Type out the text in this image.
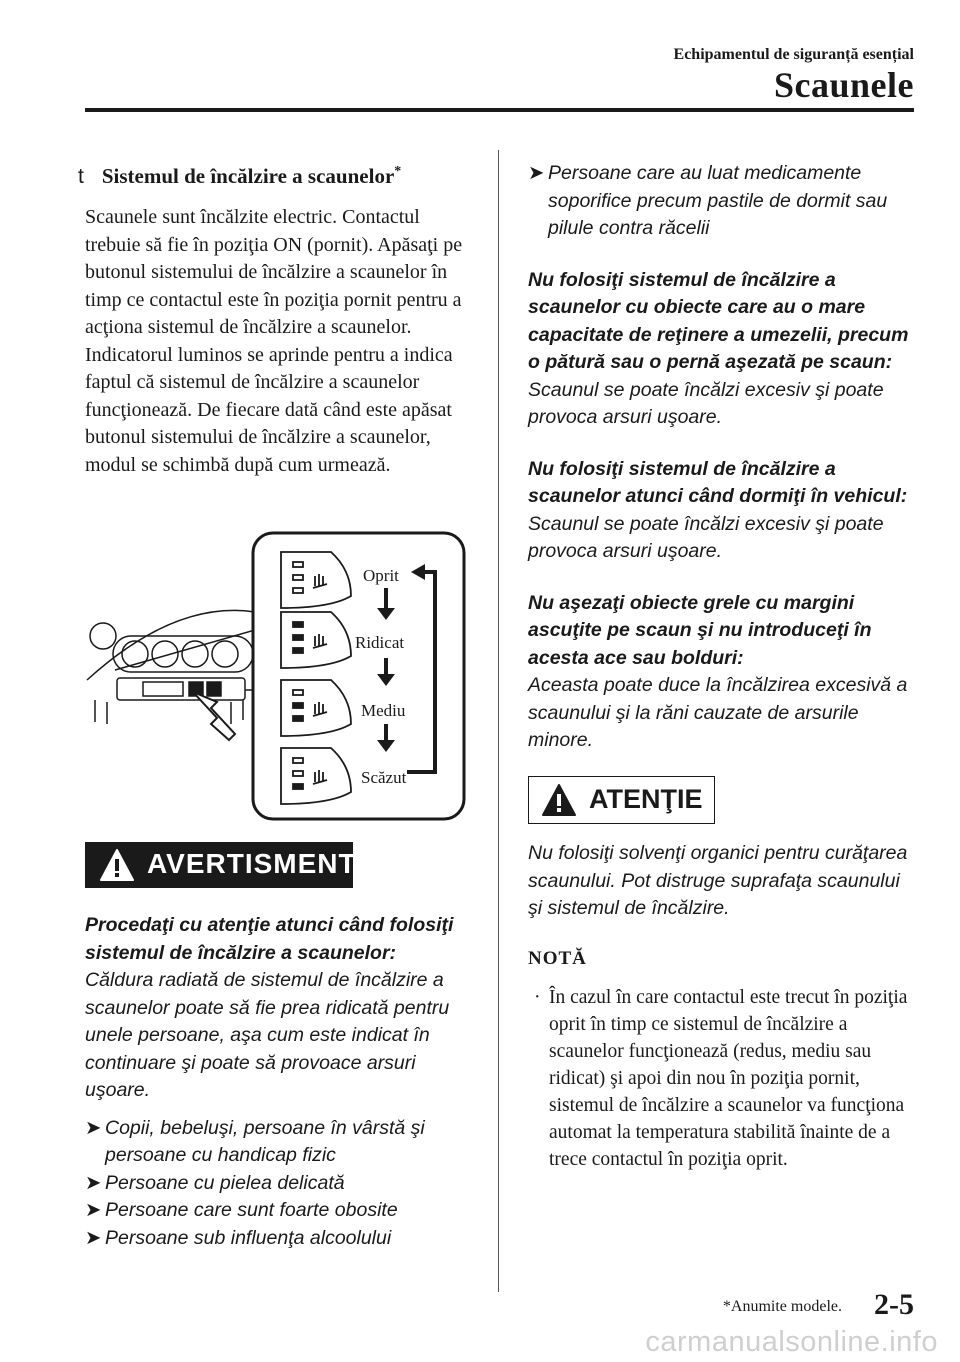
Echipamentul de siguranță esențial
Scaunele
t Sistemul de încălzire a scaunelor*
Scaunele sunt încălzite electric. Contactul trebuie să fie în poziţia ON (pornit). Apăsaţi pe butonul sistemului de încălzire a scaunelor în timp ce contactul este în poziţia pornit pentru a acţiona sistemul de încălzire a scaunelor. Indicatorul luminos se aprinde pentru a indica faptul că sistemul de încălzire a scaunelor funcţionează. De fiecare dată când este apăsat butonul sistemului de încălzire a scaunelor, modul se schimbă după cum urmează.
Oprit
Ridicat
Mediu
Scăzut
AVERTISMENT
Procedaţi cu atenţie atunci când folosiţi sistemul de încălzire a scaunelor:
Căldura radiată de sistemul de încălzire a scaunelor poate să fie prea ridicată pentru unele persoane, aşa cum este indicat în continuare şi poate să provoace arsuri uşoare.
➤ Copii, bebeluşi, persoane în vârstă şi persoane cu handicap fizic
➤ Persoane cu pielea delicată
➤ Persoane care sunt foarte obosite
➤ Persoane sub influenţa alcoolului
➤ Persoane care au luat medicamente soporifice precum pastile de dormit sau pilule contra răcelii
Nu folosiţi sistemul de încălzire a scaunelor cu obiecte care au o mare capacitate de reţinere a umezelii, precum o pătură sau o pernă aşezată pe scaun:
Scaunul se poate încălzi excesiv şi poate provoca arsuri uşoare.
Nu folosiţi sistemul de încălzire a scaunelor atunci când dormiţi în vehicul:
Scaunul se poate încălzi excesiv şi poate provoca arsuri uşoare.
Nu aşezaţi obiecte grele cu margini ascuţite pe scaun şi nu introduceţi în acesta ace sau bolduri:
Aceasta poate duce la încălzirea excesivă a scaunului şi la răni cauzate de arsurile minore.
ATENŢIE
Nu folosiţi solvenţi organici pentru curăţarea scaunului. Pot distruge suprafaţa scaunului şi sistemul de încălzire.
NOTĂ
· În cazul în care contactul este trecut în poziţia oprit în timp ce sistemul de încălzire a scaunelor funcţionează (redus, mediu sau ridicat) şi apoi din nou în poziţia pornit, sistemul de încălzire a scaunelor va funcţiona automat la temperatura stabilită înainte de a trece contactul în poziţia oprit.
*Anumite modele. 2-5
carmanualsonline.info
